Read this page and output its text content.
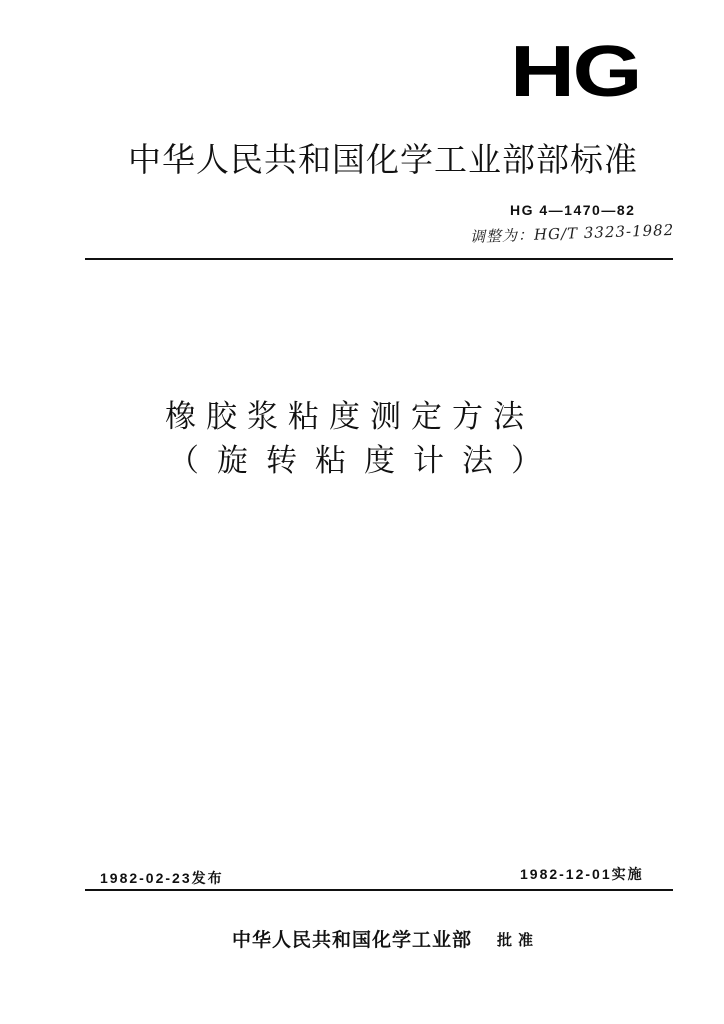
HG
中华人民共和国化学工业部部标准
HG 4—1470—82
调整为：HG/T 3323-1982
橡胶浆粘度测定方法
（旋转粘度计法）
1982-02-23发布	1982-12-01实施
中华人民共和国化学工业部 批准
